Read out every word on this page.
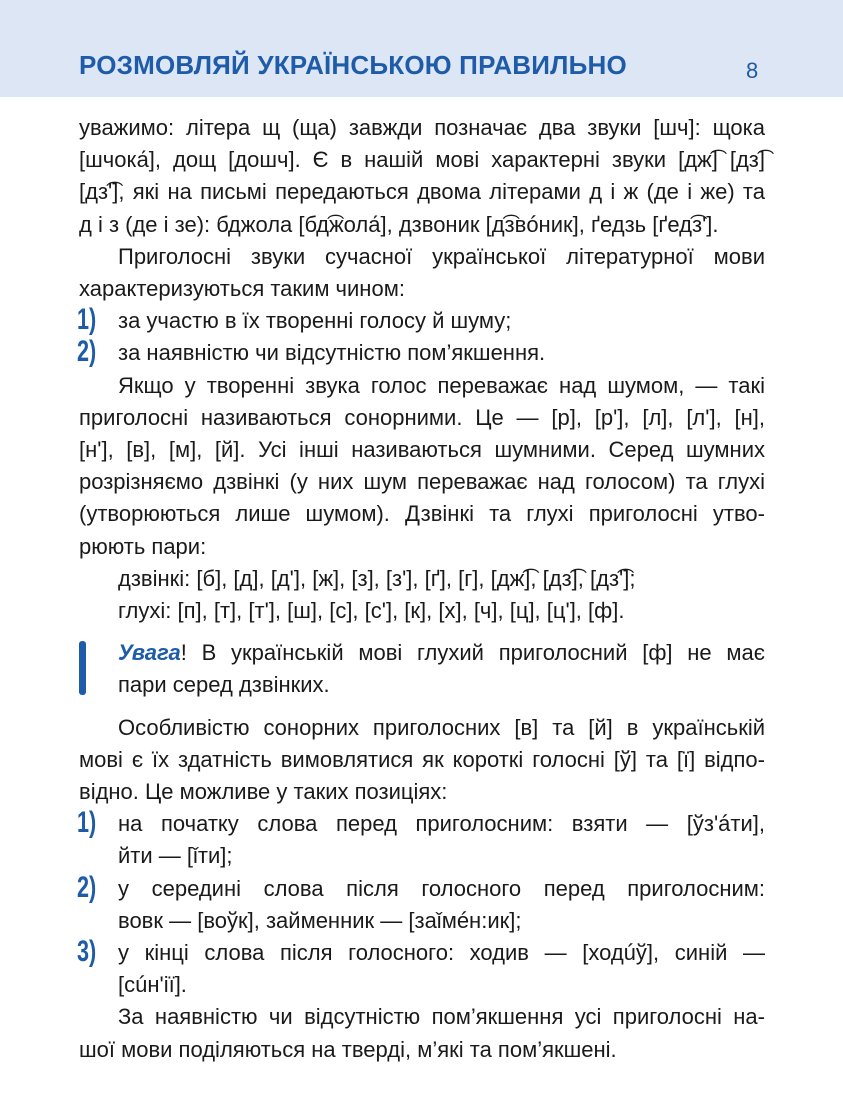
РОЗМОВЛЯЙ УКРАЇНСЬКОЮ ПРАВИЛЬНО	8
уважимо: літера щ (ща) завжди позначає два звуки [шч]: щока
[шчока́], дощ [дошч]. Є в нашій мові характерні звуки [дж͡] [дз͡]
[дз͡'], які на письмі передаються двома літерами д і ж (де і же) та
д і з (де і зе): бджола [бд͡жола́], дзвоник [д͡звóник], ґедзь [ґед͡з'].
Приголосні звуки сучасної української літературної мови
характеризуються таким чином:
1) за участю в їх творенні голосу й шуму;
2) за наявністю чи відсутністю пом’якшення.
Якщо у творенні звука голос переважає над шумом, — такі
приголосні називаються сонорними. Це — [р], [р'], [л], [л'], [н],
[н'], [в], [м], [й]. Усі інші називаються шумними. Серед шумних
розрізняємо дзвінкі (у них шум переважає над голосом) та глухі
(утворюються лише шумом). Дзвінкі та глухі приголосні утво-
рюють пари:
дзвінкі: [б], [д], [д'], [ж], [з], [з'], [ґ], [г], [дж͡], [дз͡], [дз͡'];
глухі: [п], [т], [т'], [ш], [с], [с'], [к], [х], [ч], [ц], [ц'], [ф].
Увага! В українській мові глухий приголосний [ф] не має
пари серед дзвінких.
Особливістю сонорних приголосних [в] та [й] в українській
мові є їх здатність вимовлятися як короткі голосні [ў] та [ї] відпо-
відно. Це можливе у таких позиціях:
1) на початку слова перед приголосним: взяти — [ўз'áти],
йти — [ǐти];
2) у середині слова після голосного перед приголосним:
вовк — [воўк], займенник — [заǐмéн:ик];
3) у кінці слова після голосного: ходив — [ходúў], синій —
[сúн'ії].
За наявністю чи відсутністю пом’якшення усі приголосні на-
шої мови поділяються на тверді, м’які та пом’якшені.
